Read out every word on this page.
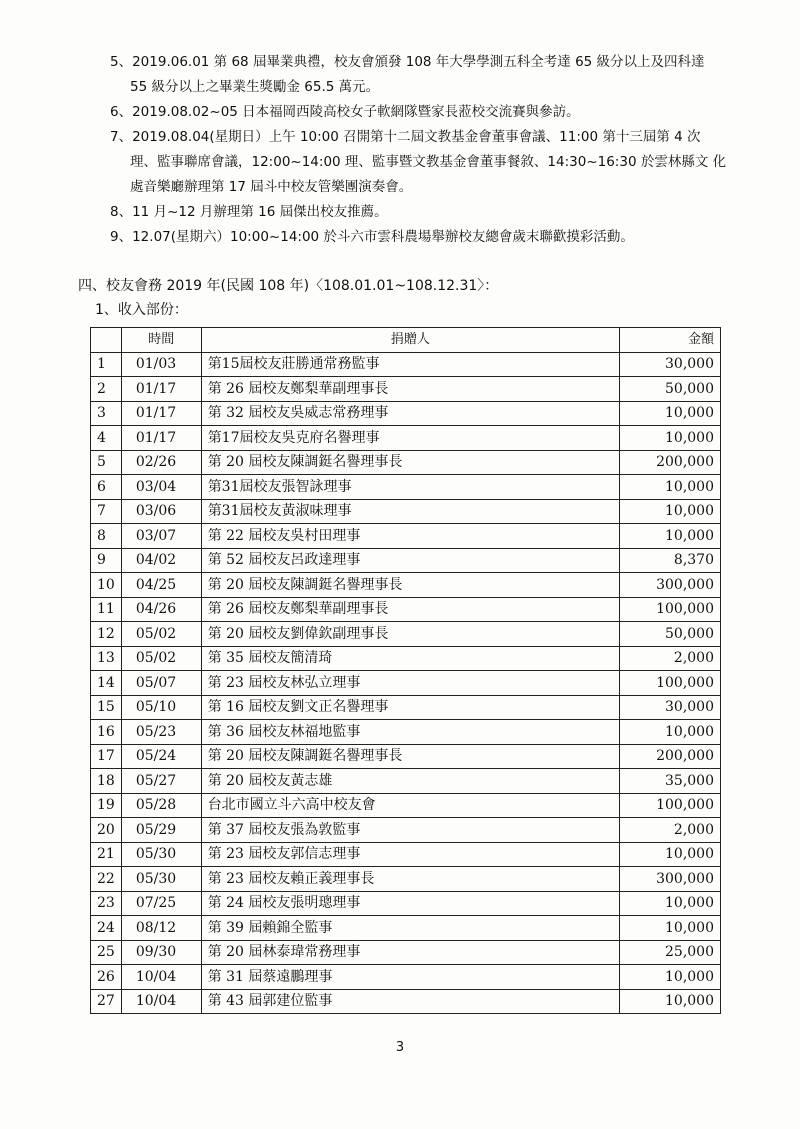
5、 2019.06.01 第 68 屆畢業典禮，校友會頒發 108 年大學學測五科全考達 65 級分以上及四科達
55 級分以上之畢業生獎勵金 65.5 萬元。
6、 2019.08.02~05 日本福岡西陵高校女子軟網隊暨家長蒞校交流賽與參訪。
7、 2019.08.04(星期日）上午 10:00 召開第十二屆文教基金會董事會議、11:00 第十三屆第 4 次
理、監事聯席會議，12:00~14:00 理、監事暨文教基金會董事餐敘、14:30~16:30 於雲林縣文 化處音樂廳辦理第 17 屆斗中校友管樂團演奏會。
8、 11 月~12 月辦理第 16 屆傑出校友推薦。
9、 12.07(星期六）10:00~14:00 於斗六市雲科農場舉辦校友總會歲末聯歡摸彩活動。
四、校友會務 2019 年(民國 108 年)〈108.01.01~108.12.31〉：
1、收入部份：
	時間	捐贈人	金額
1	01/03	第15屆校友莊勝通常務監事	30,000
2	01/17	第 26 屆校友鄭梨華副理事長	50,000
3	01/17	第 32 屆校友吳威志常務理事	10,000
4	01/17	第17屆校友吳克府名譽理事	10,000
5	02/26	第 20 屆校友陳調鋌名譽理事長	200,000
6	03/04	第31屆校友張智詠理事	10,000
7	03/06	第31屆校友黃淑味理事	10,000
8	03/07	第 22 屆校友吳村田理事	10,000
9	04/02	第 52 屆校友呂政達理事	8,370
10	04/25	第 20 屆校友陳調鋌名譽理事長	300,000
11	04/26	第 26 屆校友鄭梨華副理事長	100,000
12	05/02	第 20 屆校友劉偉欽副理事長	50,000
13	05/02	第 35 屆校友簡清琦	2,000
14	05/07	第 23 屆校友林弘立理事	100,000
15	05/10	第 16 屆校友劉文正名譽理事	30,000
16	05/23	第 36 屆校友林福地監事	10,000
17	05/24	第 20 屆校友陳調鋌名譽理事長	200,000
18	05/27	第 20 屆校友黃志雄	35,000
19	05/28	台北市國立斗六高中校友會	100,000
20	05/29	第 37 屆校友張為敦監事	2,000
21	05/30	第 23 屆校友郭信志理事	10,000
22	05/30	第 23 屆校友賴正義理事長	300,000
23	07/25	第 24 屆校友張明璁理事	10,000
24	08/12	第 39 屆賴錦全監事	10,000
25	09/30	第 20 屆林泰瑋常務理事	25,000
26	10/04	第 31 屆蔡遠鵬理事	10,000
27	10/04	第 43 屆郭建位監事	10,000
3
